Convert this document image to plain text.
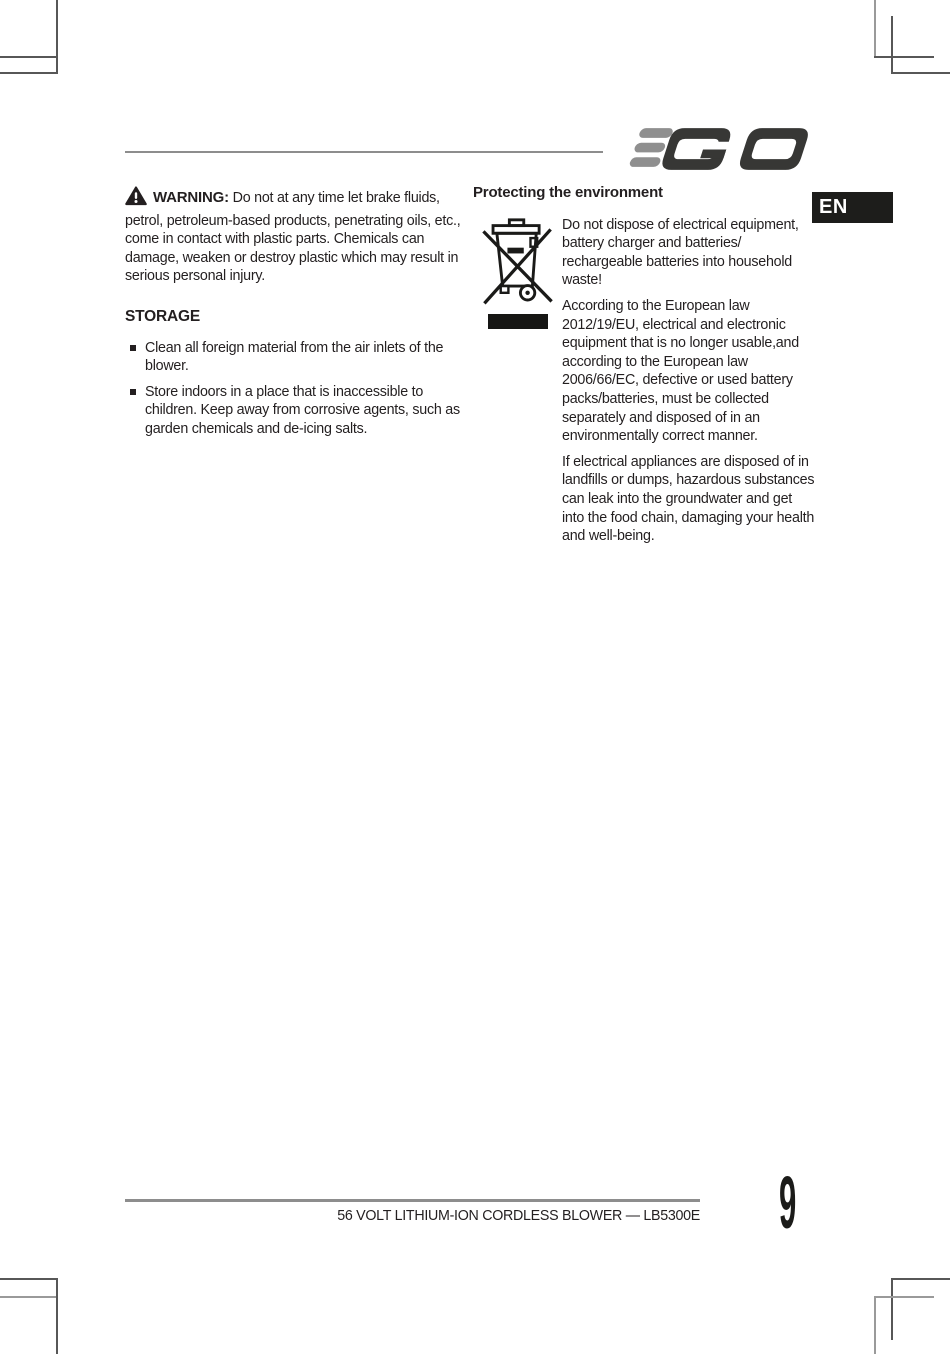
EN

WARNING: Do not at any time let brake fluids, petrol, petroleum-based products, penetrating oils, etc., come in contact with plastic parts. Chemicals can damage, weaken or destroy plastic which may result in serious personal injury.

STORAGE
Clean all foreign material from the air inlets of the blower.
Store indoors in a place that is inaccessible to children. Keep away from corrosive agents, such as garden chemicals and de-icing salts.
Protecting the environment

Do not dispose of electrical equipment, battery charger and batteries/ rechargeable batteries into household waste!

According to the European law 2012/19/EU, electrical and electronic equipment that is no longer usable,and according to the European law 2006/66/EC, defective or used battery packs/batteries, must be collected separately and disposed of in an environmentally correct manner.

If electrical appliances are disposed of in landfills or dumps, hazardous substances can leak into the groundwater and get into the food chain, damaging your health and well-being.

56 VOLT LITHIUM-ION CORDLESS BLOWER — LB5300E 9
